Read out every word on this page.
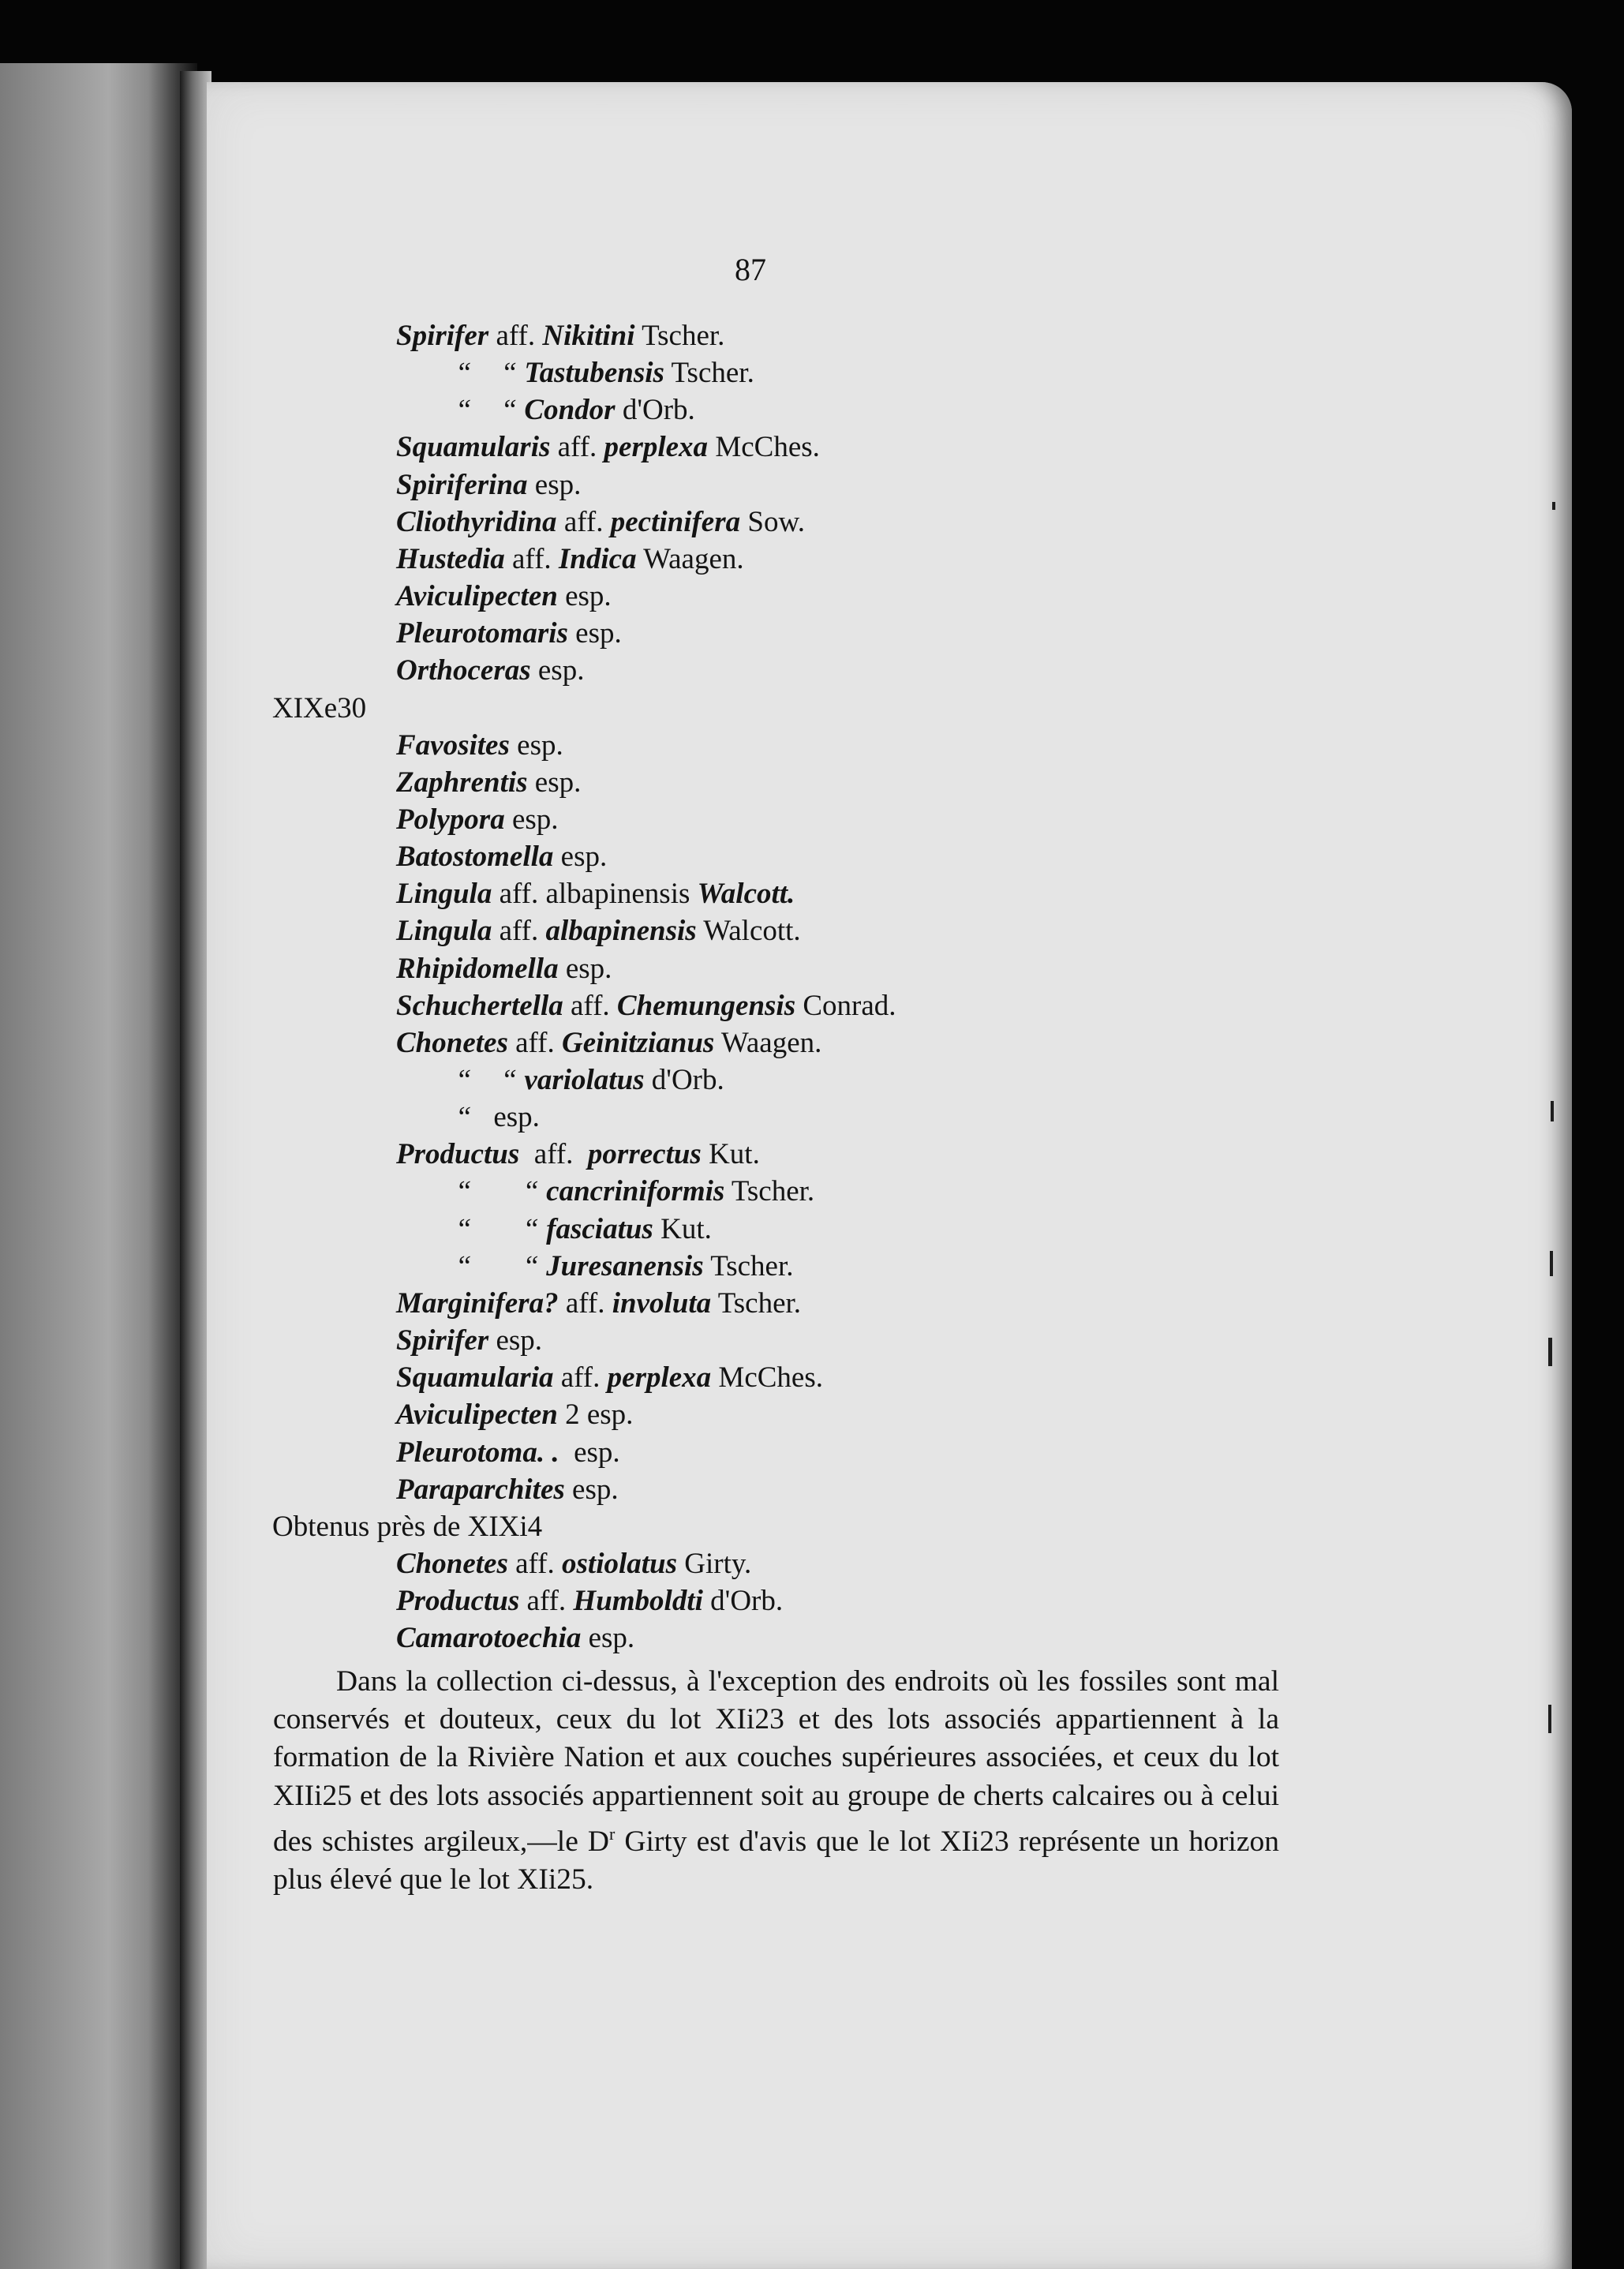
87
Spirifer aff. Nikitini Tscher.
“    “ Tastubensis Tscher.
“    “ Condor d'Orb.
Squamularis aff. perplexa McChes.
Spiriferina esp.
Cliothyridina aff. pectinifera Sow.
Hustedia aff. Indica Waagen.
Aviculipecten esp.
Pleurotomaris esp.
Orthoceras esp.
XIXe30
Favosites esp.
Zaphrentis esp.
Polypora esp.
Batostomella esp.
Lingula aff. albapinensis Walcott.
Lingula aff. albapinensis Walcott.
Rhipidomella esp.
Schuchertella aff. Chemungensis Conrad.
Chonetes aff. Geinitzianus Waagen.
“    “ variolatus d'Orb.
“   esp.
Productus  aff.  porrectus Kut.
“       “ cancriniformis Tscher.
“       “ fasciatus Kut.
“       “ Juresanensis Tscher.
Marginifera? aff. involuta Tscher.
Spirifer esp.
Squamularia aff. perplexa McChes.
Aviculipecten 2 esp.
Pleurotoma. .  esp.
Paraparchites esp.
Obtenus près de XIXi4
Chonetes aff. ostiolatus Girty.
Productus aff. Humboldti d'Orb.
Camarotoechia esp.
Dans la collection ci-dessus, à l'exception des endroits où les fossiles sont mal conservés et douteux, ceux du lot XIi23 et des lots associés appartiennent à la formation de la Rivière Nation et aux couches supérieures associées, et ceux du lot XIIi25 et des lots associés appartiennent soit au groupe de cherts calcaires ou à celui des schistes argileux,—le $D^r$ Girty est d'avis que le lot XIi23 représente un horizon plus élevé que le lot XIi25.
